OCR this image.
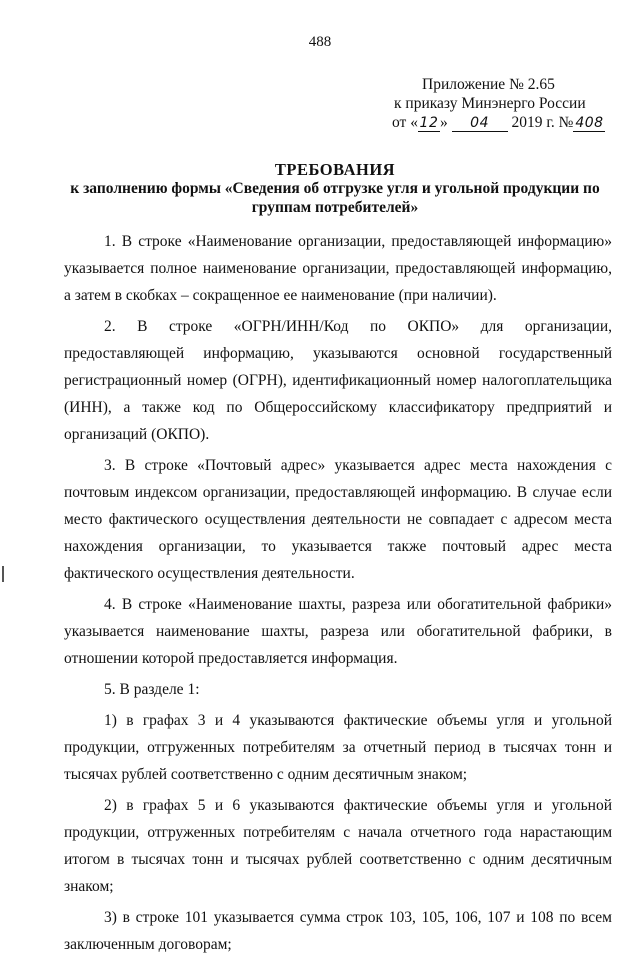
488
Приложение № 2.65
к приказу Минэнерго России
от « 12 » 04 2019 г. № 408
ТРЕБОВАНИЯ
к заполнению формы «Сведения об отгрузке угля и угольной продукции по группам потребителей»

1. В строке «Наименование организации, предоставляющей информацию» указывается полное наименование организации, предоставляющей информацию, а затем в скобках – сокращенное ее наименование (при наличии).

2. В строке «ОГРН/ИНН/Код по ОКПО» для организации, предоставляющей информацию, указываются основной государственный регистрационный номер (ОГРН), идентификационный номер налогоплательщика (ИНН), а также код по Общероссийскому классификатору предприятий и организаций (ОКПО).

3. В строке «Почтовый адрес» указывается адрес места нахождения с почтовым индексом организации, предоставляющей информацию. В случае если место фактического осуществления деятельности не совпадает с адресом места нахождения организации, то указывается также почтовый адрес места фактического осуществления деятельности.

4. В строке «Наименование шахты, разреза или обогатительной фабрики» указывается наименование шахты, разреза или обогатительной фабрики, в отношении которой предоставляется информация.

5. В разделе 1:

1) в графах 3 и 4 указываются фактические объемы угля и угольной продукции, отгруженных потребителям за отчетный период в тысячах тонн и тысячах рублей соответственно с одним десятичным знаком;

2) в графах 5 и 6 указываются фактические объемы угля и угольной продукции, отгруженных потребителям с начала отчетного года нарастающим итогом в тысячах тонн и тысячах рублей соответственно с одним десятичным знаком;

3) в строке 101 указывается сумма строк 103, 105, 106, 107 и 108 по всем заключенным договорам;
